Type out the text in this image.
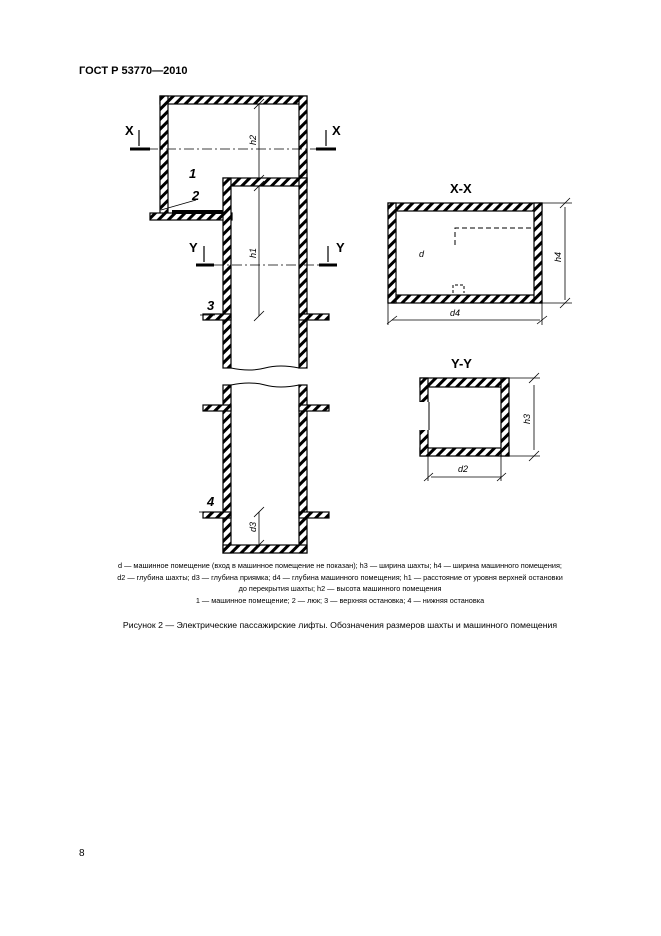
ГОСТ Р 53770—2010
X	X
Y	Y
1
2
3
4
h2
h1
d3
X-X
d
d4
h4
Y-Y
d2
h3
d — машинное помещение (вход в машинное помещение не показан); h3 — ширина шахты; h4 — ширина машинного помещения;
d2 — глубина шахты; d3 — глубина приямка; d4 — глубина машинного помещения; h1 — расстояние от уровня верхней остановки
до перекрытия шахты; h2 — высота машинного помещения
1 — машинное помещение; 2 — люк; 3 — верхняя остановка; 4 — нижняя остановка
Рисунок 2 — Электрические пассажирские лифты. Обозначения размеров шахты и машинного помещения
8
